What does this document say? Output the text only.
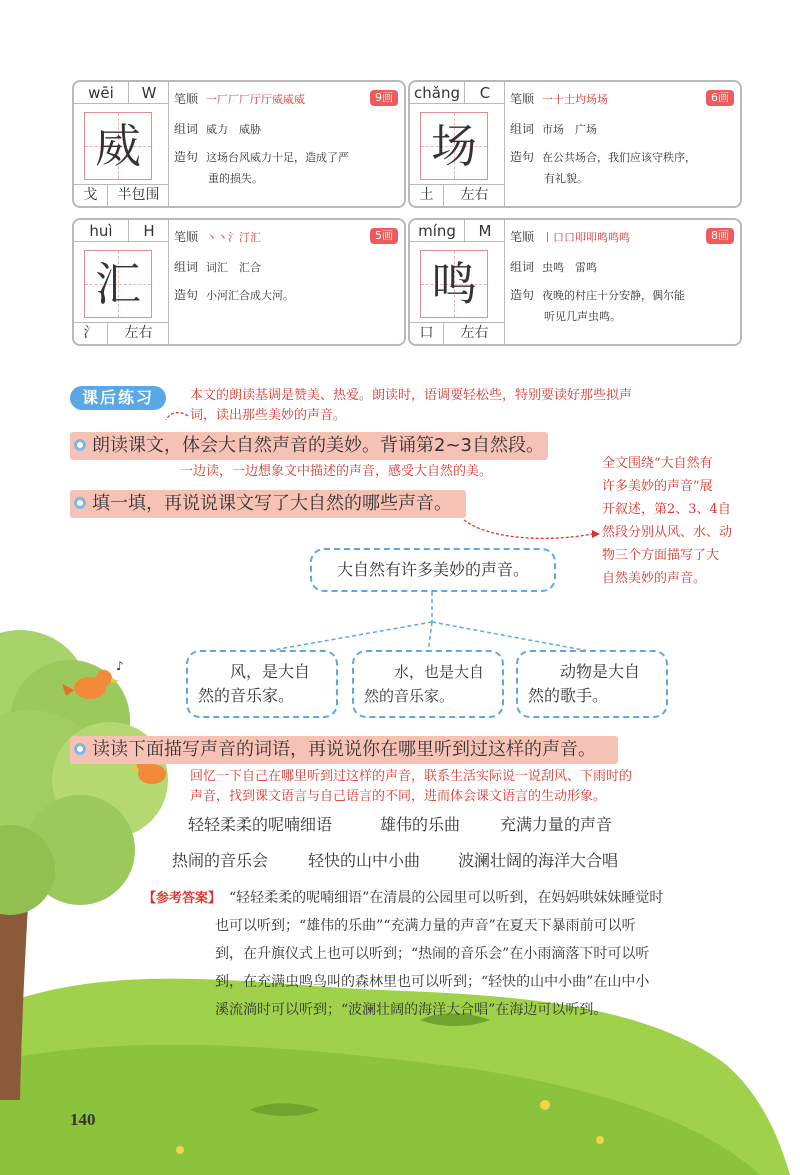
♪
wēi	W
威
戈	半包围
笔顺 一厂厂厂厅厅威威威
组词 威力　威胁
造句 这场台风威力十足，造成了严
重的损失。
9画	chǎng	C
场
土	左右
笔顺 一十土圴场场
组词 市场　广场
造句 在公共场合，我们应该守秩序，
有礼貌。
6画
huì	H
汇
氵	左右
笔顺 丶丶氵汀汇
组词 词汇　汇合
造句 小河汇合成大河。
5画	míng	M
鸣
口	左右
笔顺 丨口口叩叩鸣鸣鸣
组词 虫鸣　雷鸣
造句 夜晚的村庄十分安静，偶尔能
听见几声虫鸣。
8画
课后练习	本文的朗读基调是赞美、热爱。朗读时，语调要轻松些，特别要读好那些拟声
词，读出那些美妙的声音。
朗读课文，体会大自然声音的美妙。背诵第2~3自然段。
一边读，一边想象文中描述的声音，感受大自然的美。
填一填，再说说课文写了大自然的哪些声音。
全文围绕“大自然有
许多美妙的声音”展
开叙述，第2、3、4自
然段分别从风、水、动
物三个方面描写了大
自然美妙的声音。
大自然有许多美妙的声音。
　　风，是大自
然的音乐家。
　　水，也是大自
然的音乐家。
　　动物是大自
然的歌手。
读读下面描写声音的词语，再说说你在哪里听到过这样的声音。
回忆一下自己在哪里听到过这样的声音，联系生活实际说一说刮风、下雨时的
声音，找到课文语言与自己语言的不同，进而体会课文语言的生动形象。
轻轻柔柔的呢喃细语	雄伟的乐曲 充满力量的声音
热闹的音乐会 轻快的山中小曲 波澜壮阔的海洋大合唱
“轻轻柔柔的呢喃细语”在清晨的公园里可以听到，在妈妈哄妹妹睡觉时
也可以听到；“雄伟的乐曲”“充满力量的声音”在夏天下暴雨前可以听
到，在升旗仪式上也可以听到；“热闹的音乐会”在小雨滴落下时可以听
到，在充满虫鸣鸟叫的森林里也可以听到；“轻快的山中小曲”在山中小
溪流淌时可以听到；“波澜壮阔的海洋大合唱”在海边可以听到。
【参考答案】
140
